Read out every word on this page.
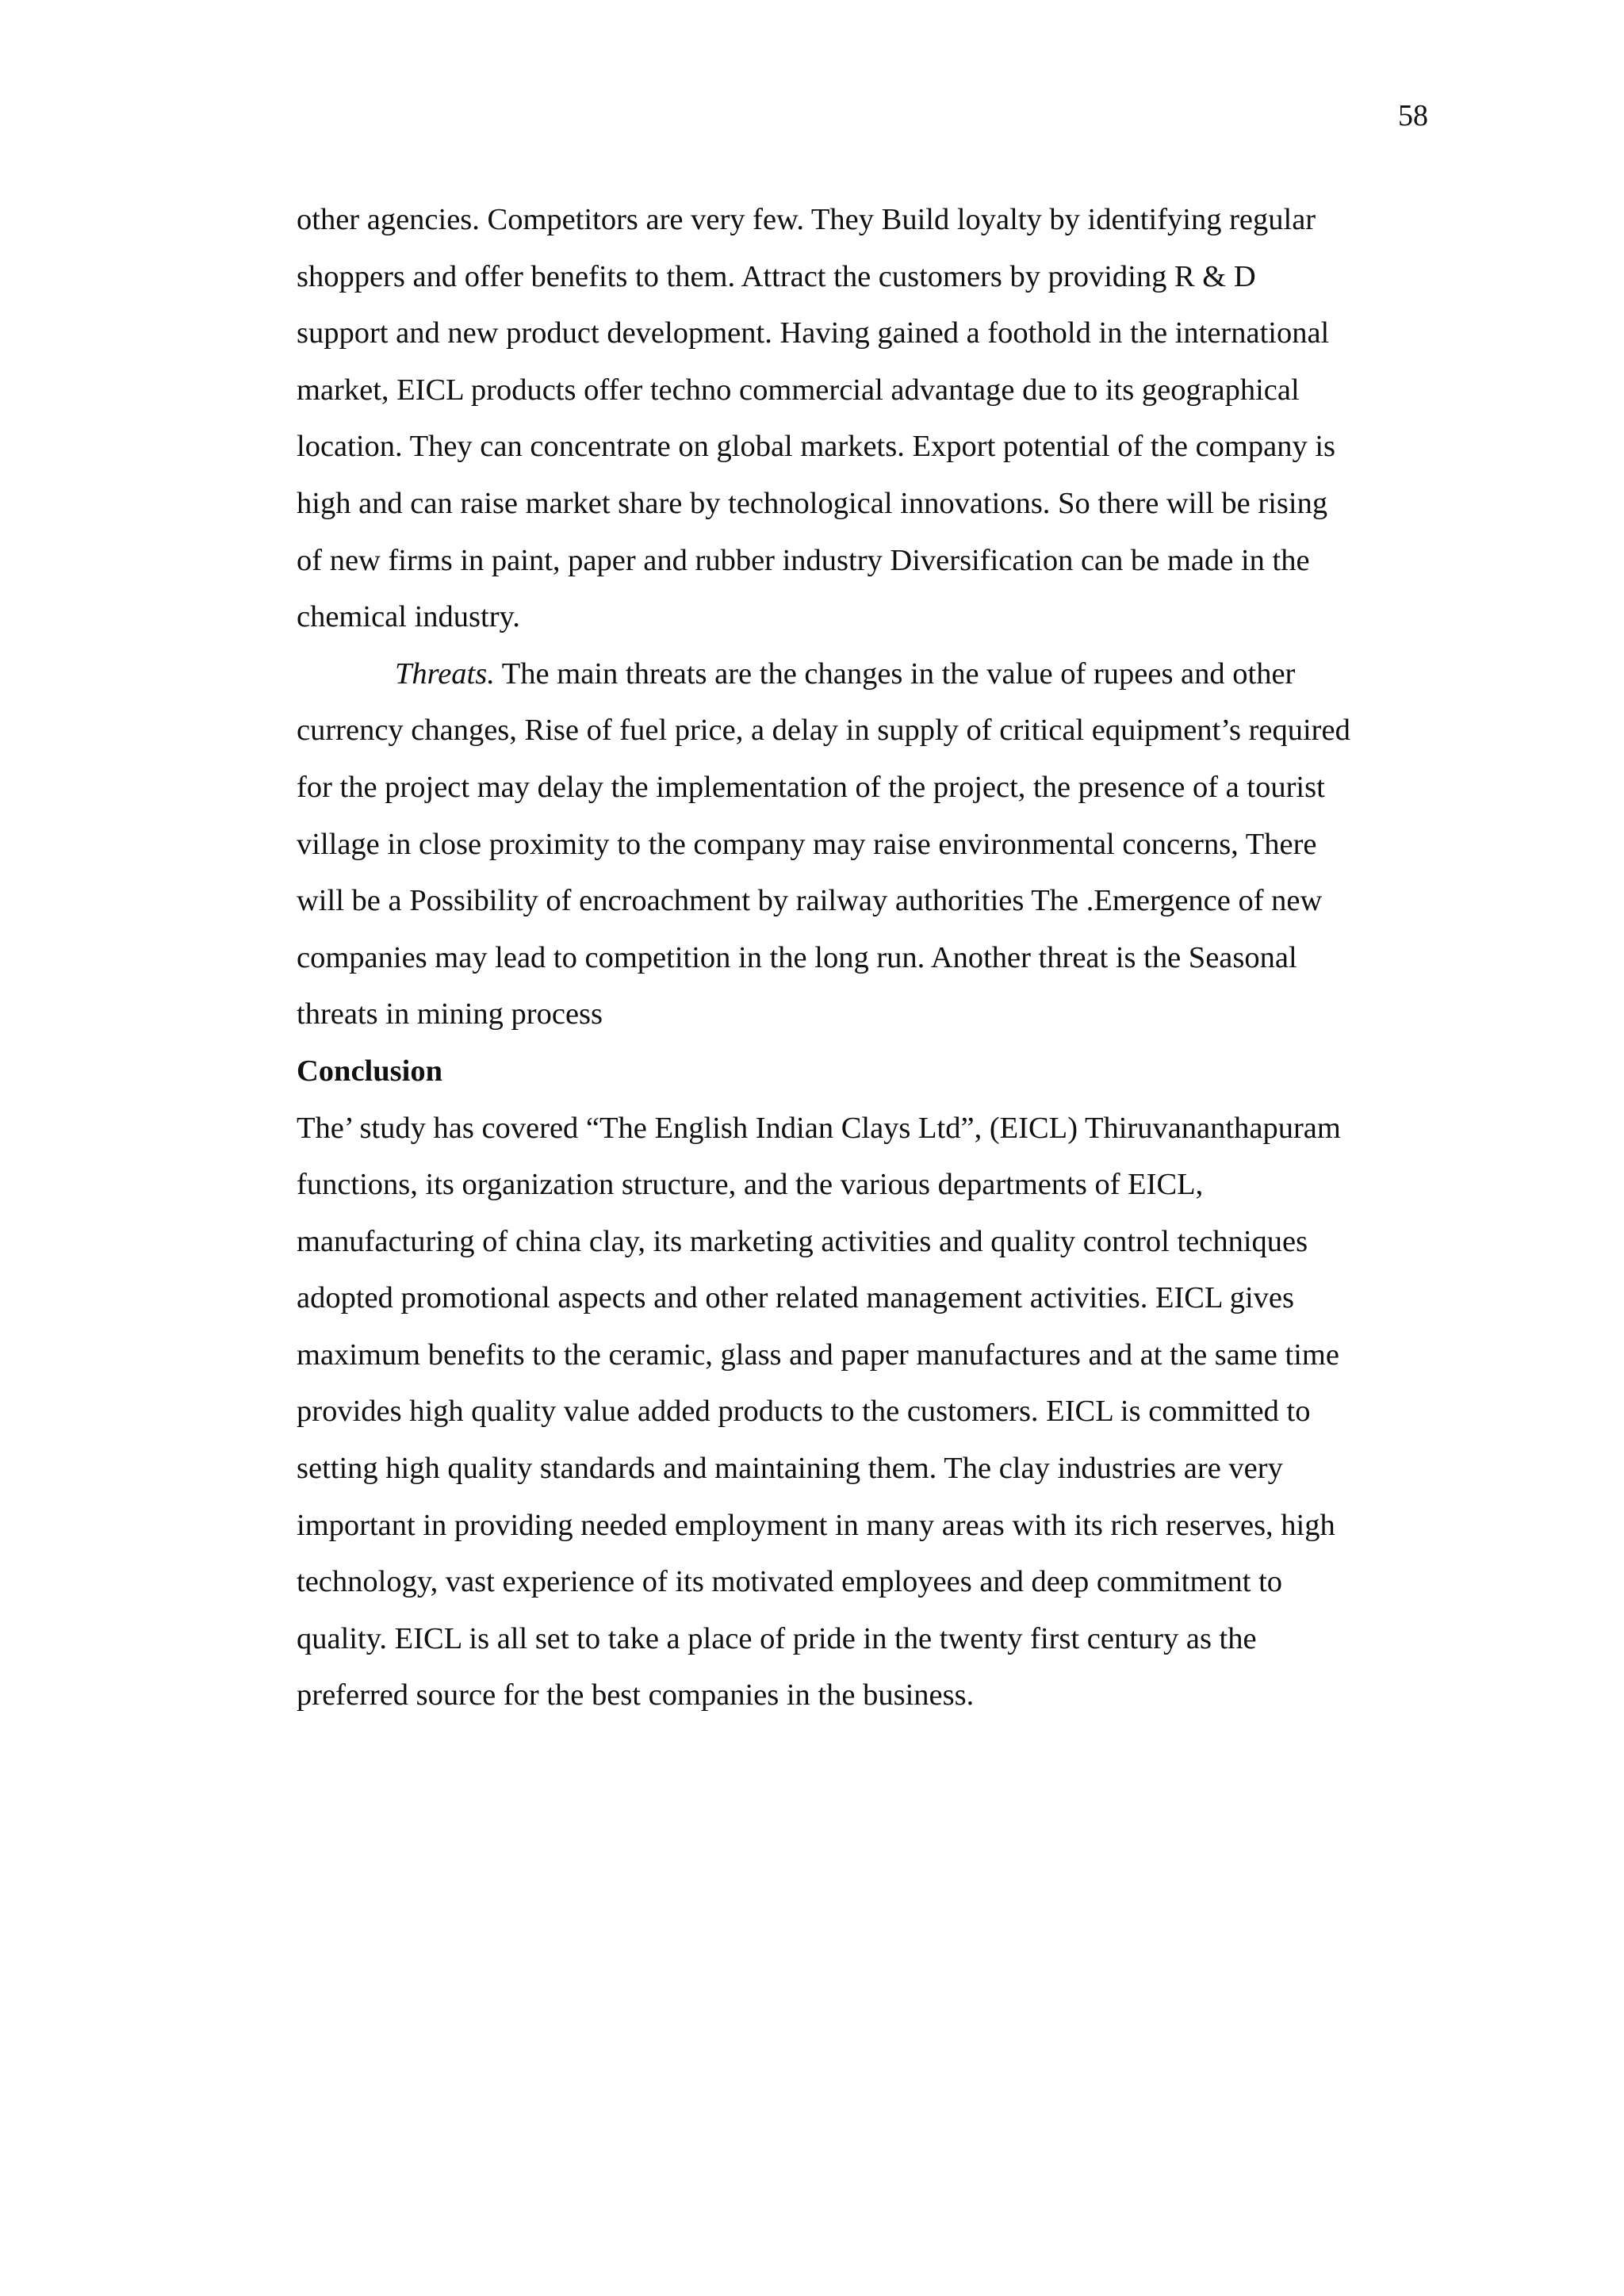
58
other agencies. Competitors are very few. They Build loyalty by identifying regular
shoppers and offer benefits to them. Attract the customers by providing R & D
support and new product development. Having gained a foothold in the international
market, EICL products offer techno commercial advantage due to its geographical
location. They can concentrate on global markets. Export potential of the company is
high and can raise market share by technological innovations. So there will be rising
of new firms in paint, paper and rubber industry Diversification can be made in the
chemical industry.
Threats. The main threats are the changes in the value of rupees and other
currency changes, Rise of fuel price, a delay in supply of critical equipment’s required
for the project may delay the implementation of the project, the presence of a tourist
village in close proximity to the company may raise environmental concerns, There
will be a Possibility of encroachment by railway authorities The .Emergence of new
companies may lead to competition in the long run. Another threat is the Seasonal
threats in mining process
Conclusion
The’ study has covered “The English Indian Clays Ltd”, (EICL) Thiruvananthapuram
functions, its organization structure, and the various departments of EICL,
manufacturing of china clay, its marketing activities and quality control techniques
adopted promotional aspects and other related management activities. EICL gives
maximum benefits to the ceramic, glass and paper manufactures and at the same time
provides high quality value added products to the customers. EICL is committed to
setting high quality standards and maintaining them. The clay industries are very
important in providing needed employment in many areas with its rich reserves, high
technology, vast experience of its motivated employees and deep commitment to
quality. EICL is all set to take a place of pride in the twenty first century as the
preferred source for the best companies in the business.
